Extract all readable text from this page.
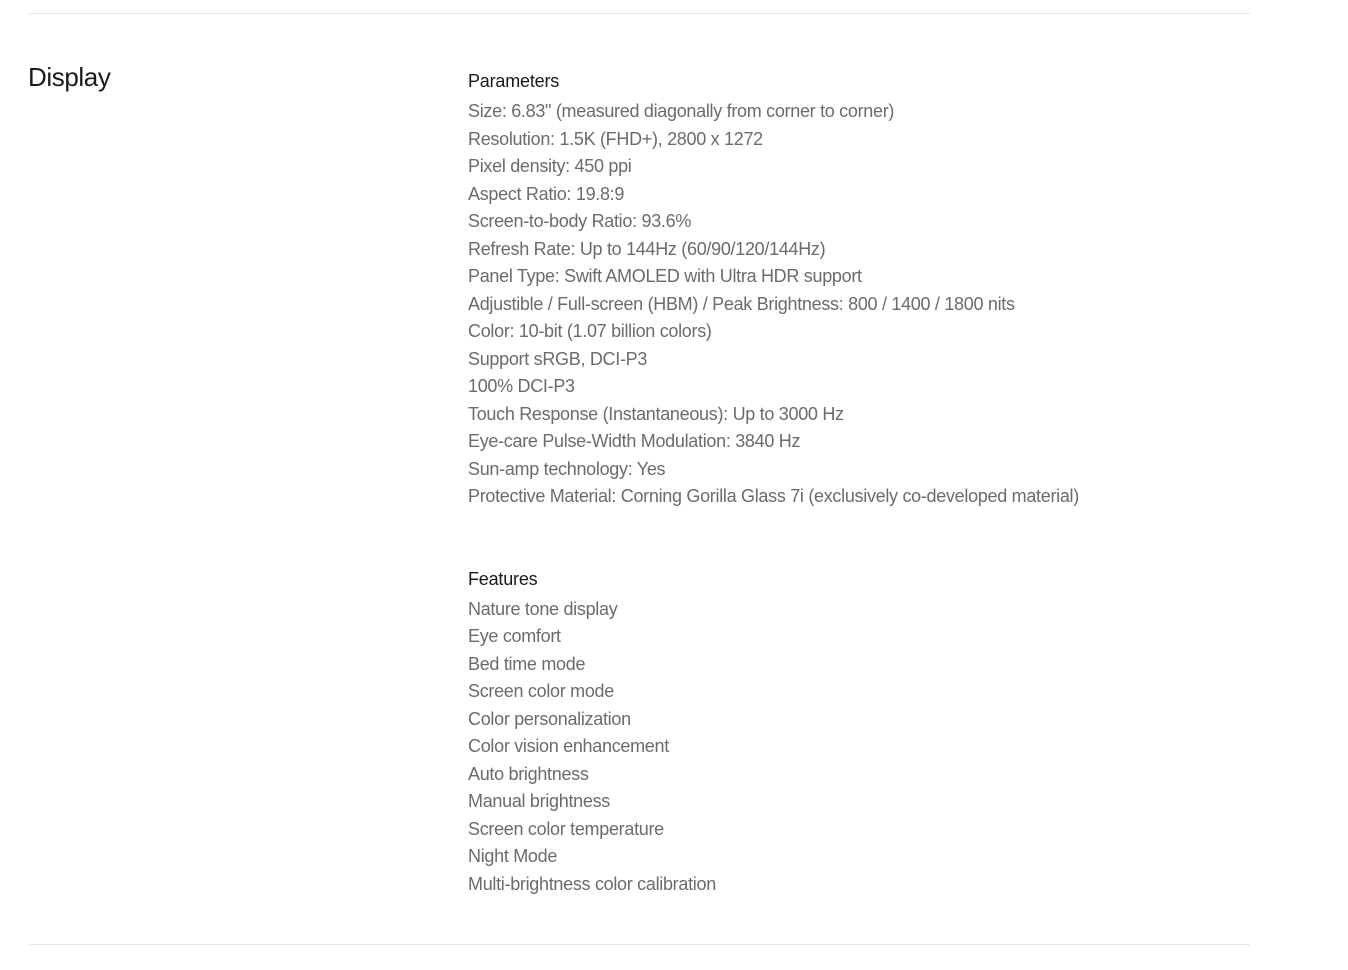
Display	Parameters
Size: 6.83" (measured diagonally from corner to corner)
Resolution: 1.5K (FHD+), 2800 x 1272
Pixel density: 450 ppi
Aspect Ratio: 19.8:9
Screen-to-body Ratio: 93.6%
Refresh Rate: Up to 144Hz (60/90/120/144Hz)
Panel Type: Swift AMOLED with Ultra HDR support
Adjustible / Full-screen (HBM) / Peak Brightness: 800 / 1400 / 1800 nits
Color: 10-bit (1.07 billion colors)
Support sRGB, DCI-P3
100% DCI-P3
Touch Response (Instantaneous): Up to 3000 Hz
Eye-care Pulse-Width Modulation: 3840 Hz
Sun-amp technology: Yes
Protective Material: Corning Gorilla Glass 7i (exclusively co-developed material)
Features
Nature tone display
Eye comfort
Bed time mode
Screen color mode
Color personalization
Color vision enhancement
Auto brightness
Manual brightness
Screen color temperature
Night Mode
Multi-brightness color calibration
